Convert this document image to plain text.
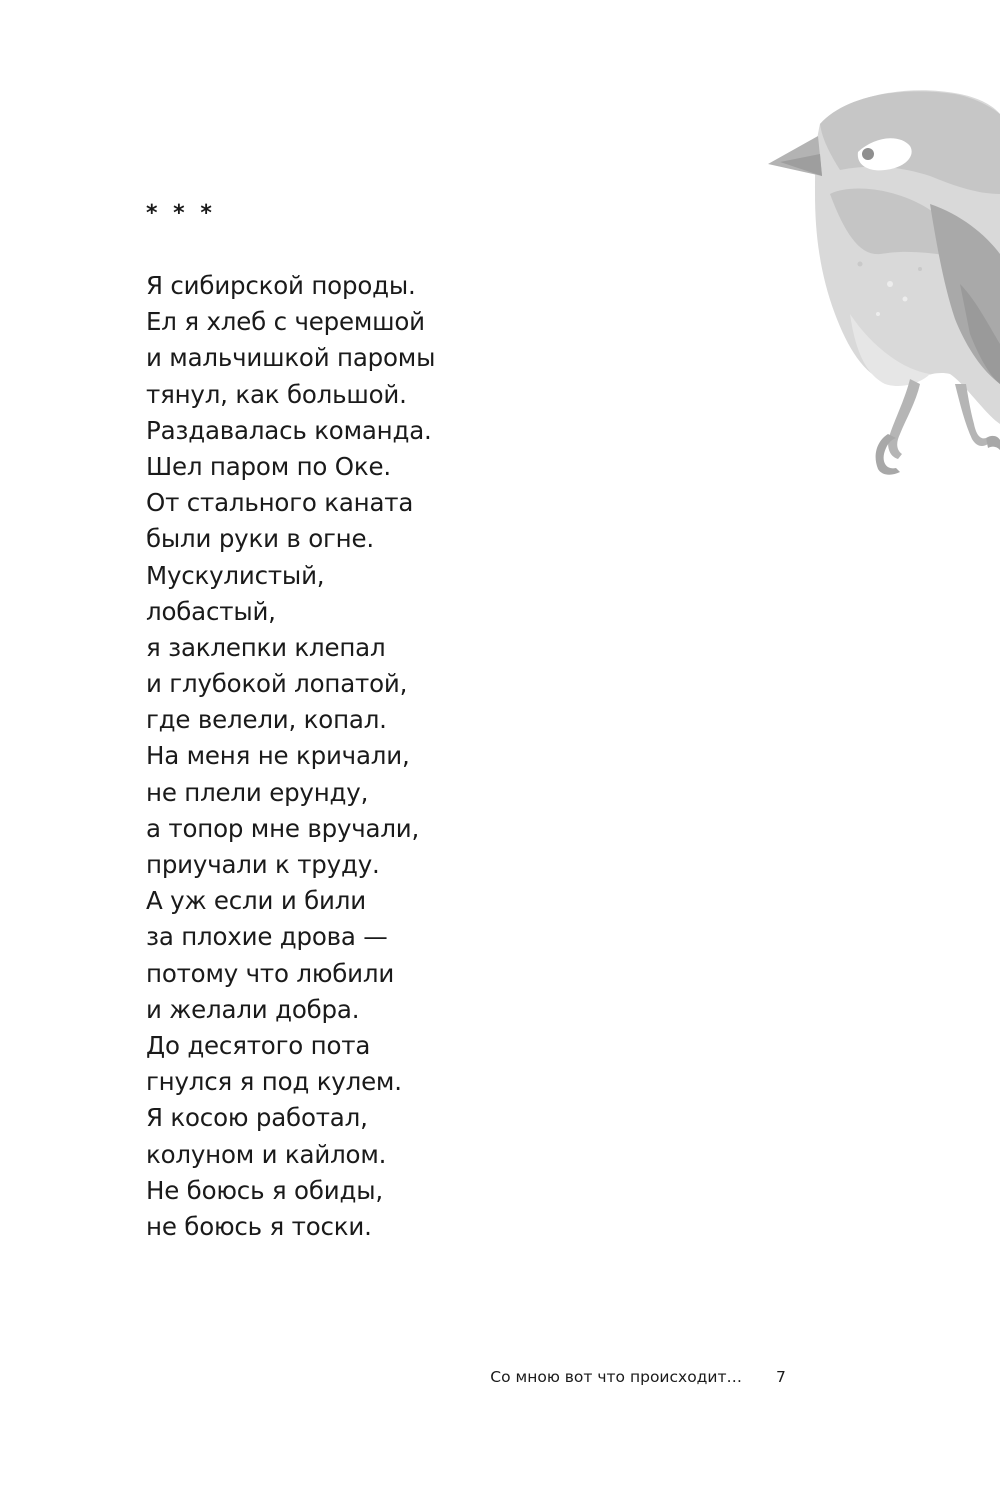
* * *

Я сибирской породы.
Ел я хлеб с черемшой
и мальчишкой паромы
тянул, как большой.
Раздавалась команда.
Шел паром по Оке.
От стального каната
были руки в огне.
Мускулистый,
лобастый,
я заклепки клепал
и глубокой лопатой,
где велели, копал.
На меня не кричали,
не плели ерунду,
а топор мне вручали,
приучали к труду.
А уж если и били
за плохие дрова —
потому что любили
и желали добра.
До десятого пота
гнулся я под кулем.
Я косою работал,
колуном и кайлом.
Не боюсь я обиды,
не боюсь я тоски.
Со мною вот что происходит… 7
